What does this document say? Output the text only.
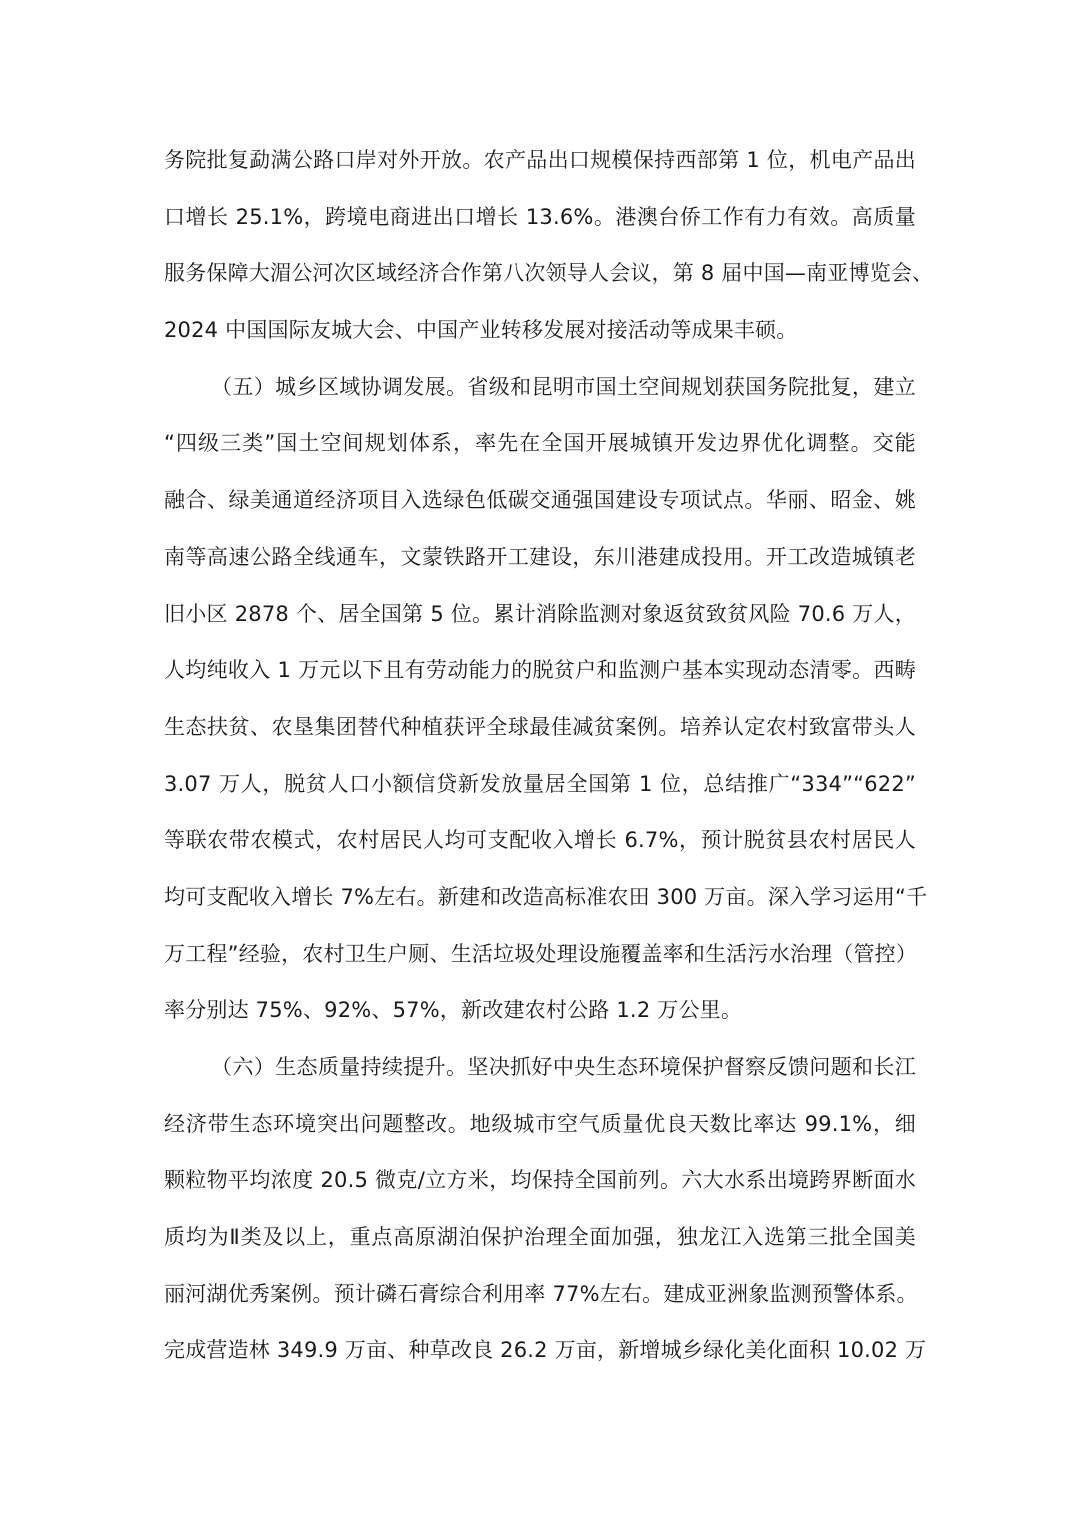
务院批复勐满公路口岸对外开放。农产品出口规模保持西部第 1 位，机电产品出
口增长 25.1%，跨境电商进出口增长 13.6%。港澳台侨工作有力有效。高质量
服务保障大湄公河次区域经济合作第八次领导人会议，第 8 届中国—南亚博览会、
2024 中国国际友城大会、中国产业转移发展对接活动等成果丰硕。
（五）城乡区域协调发展。省级和昆明市国土空间规划获国务院批复，建立
“四级三类”国土空间规划体系，率先在全国开展城镇开发边界优化调整。交能
融合、绿美通道经济项目入选绿色低碳交通强国建设专项试点。华丽、昭金、姚
南等高速公路全线通车，文蒙铁路开工建设，东川港建成投用。开工改造城镇老
旧小区 2878 个、居全国第 5 位。累计消除监测对象返贫致贫风险 70.6 万人，
人均纯收入 1 万元以下且有劳动能力的脱贫户和监测户基本实现动态清零。西畴
生态扶贫、农垦集团替代种植获评全球最佳减贫案例。培养认定农村致富带头人
3.07 万人，脱贫人口小额信贷新发放量居全国第 1 位，总结推广“334”“622”
等联农带农模式，农村居民人均可支配收入增长 6.7%，预计脱贫县农村居民人
均可支配收入增长 7%左右。新建和改造高标准农田 300 万亩。深入学习运用“千
万工程”经验，农村卫生户厕、生活垃圾处理设施覆盖率和生活污水治理（管控）
率分别达 75%、92%、57%，新改建农村公路 1.2 万公里。
（六）生态质量持续提升。坚决抓好中央生态环境保护督察反馈问题和长江
经济带生态环境突出问题整改。地级城市空气质量优良天数比率达 99.1%，细
颗粒物平均浓度 20.5 微克/立方米，均保持全国前列。六大水系出境跨界断面水
质均为Ⅱ类及以上，重点高原湖泊保护治理全面加强，独龙江入选第三批全国美
丽河湖优秀案例。预计磷石膏综合利用率 77%左右。建成亚洲象监测预警体系。
完成营造林 349.9 万亩、种草改良 26.2 万亩，新增城乡绿化美化面积 10.02 万
